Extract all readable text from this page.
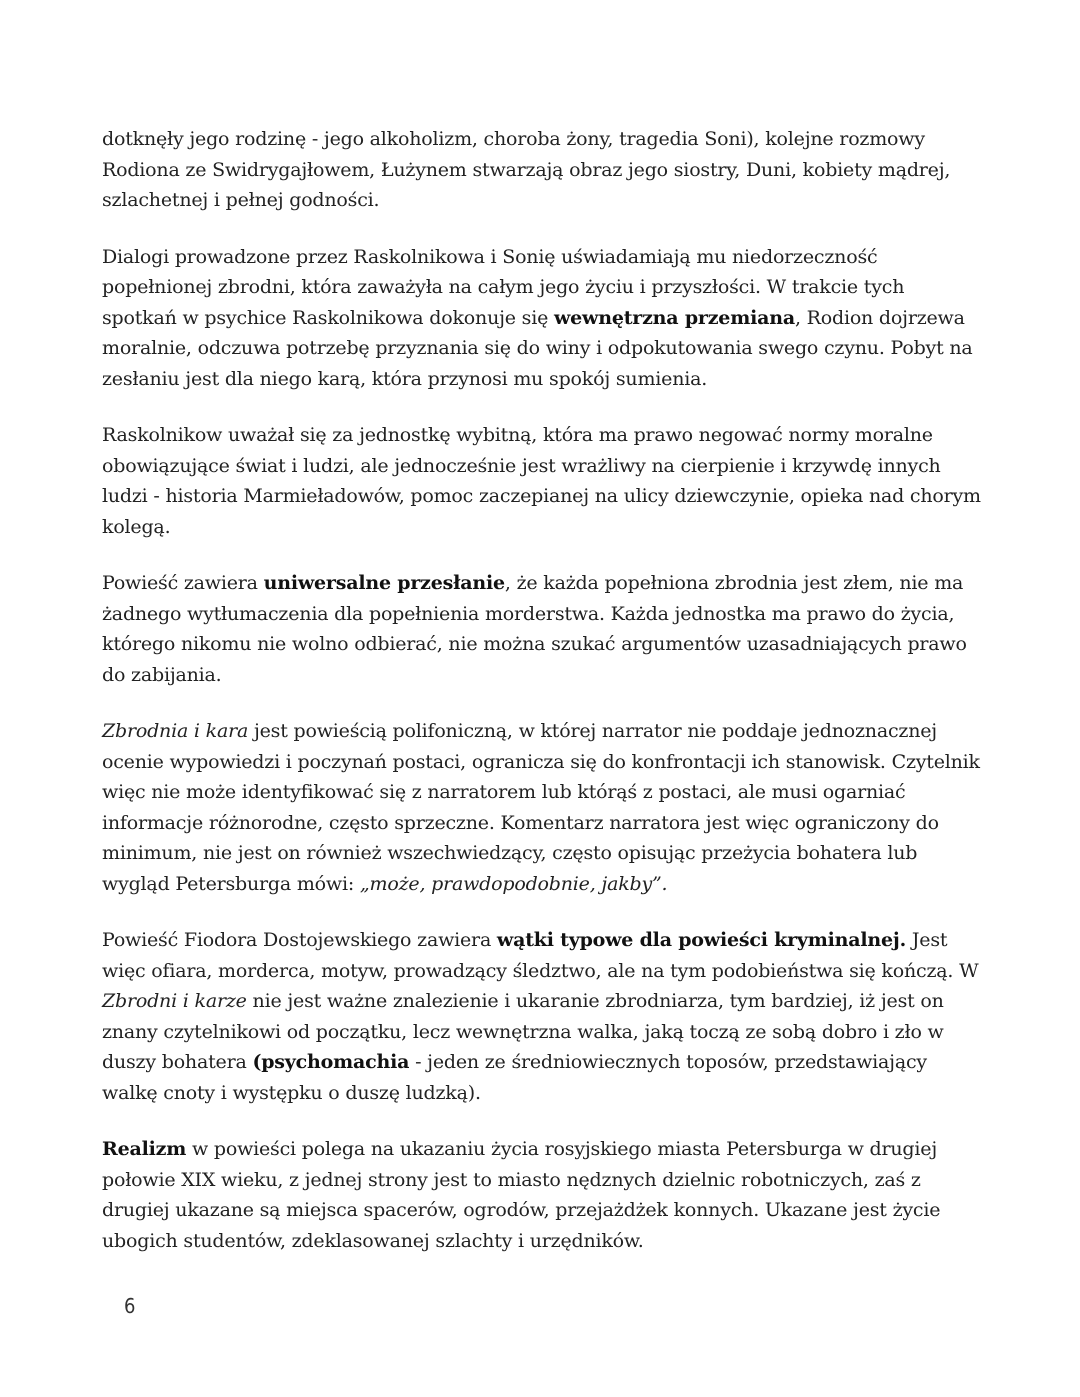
dotknęły jego rodzinę - jego alkoholizm, choroba żony, tragedia Soni), kolejne rozmowy Rodiona ze Swidrygajłowem, Łużynem stwarzają obraz jego siostry, Duni, kobiety mądrej, szlachetnej i pełnej godności.

Dialogi prowadzone przez Raskolnikowa i Sonię uświadamiają mu niedorzeczność popełnionej zbrodni, która zaważyła na całym jego życiu i przyszłości. W trakcie tych spotkań w psychice Raskolnikowa dokonuje się wewnętrzna przemiana, Rodion dojrzewa moralnie, odczuwa potrzebę przyznania się do winy i odpokutowania swego czynu. Pobyt na zesłaniu jest dla niego karą, która przynosi mu spokój sumienia.

Raskolnikow uważał się za jednostkę wybitną, która ma prawo negować normy moralne obowiązujące świat i ludzi, ale jednocześnie jest wrażliwy na cierpienie i krzywdę innych ludzi - historia Marmieładowów, pomoc zaczepianej na ulicy dziewczynie, opieka nad chorym kolegą.

Powieść zawiera uniwersalne przesłanie, że każda popełniona zbrodnia jest złem, nie ma żadnego wytłumaczenia dla popełnienia morderstwa. Każda jednostka ma prawo do życia, którego nikomu nie wolno odbierać, nie można szukać argumentów uzasadniających prawo do zabijania.

Zbrodnia i kara jest powieścią polifoniczną, w której narrator nie poddaje jednoznacznej ocenie wypowiedzi i poczynań postaci, ogranicza się do konfrontacji ich stanowisk. Czytelnik więc nie może identyfikować się z narratorem lub którąś z postaci, ale musi ogarniać informacje różnorodne, często sprzeczne. Komentarz narratora jest więc ograniczony do minimum, nie jest on również wszechwiedzący, często opisując przeżycia bohatera lub wygląd Petersburga mówi: „może, prawdopodobnie, jakby”.

Powieść Fiodora Dostojewskiego zawiera wątki typowe dla powieści kryminalnej. Jest więc ofiara, morderca, motyw, prowadzący śledztwo, ale na tym podobieństwa się kończą. W Zbrodni i karze nie jest ważne znalezienie i ukaranie zbrodniarza, tym bardziej, iż jest on znany czytelnikowi od początku, lecz wewnętrzna walka, jaką toczą ze sobą dobro i zło w duszy bohatera (psychomachia - jeden ze średniowiecznych toposów, przedstawiający walkę cnoty i występku o duszę ludzką).

Realizm w powieści polega na ukazaniu życia rosyjskiego miasta Petersburga w drugiej połowie XIX wieku, z jednej strony jest to miasto nędznych dzielnic robotniczych, zaś z drugiej ukazane są miejsca spacerów, ogrodów, przejażdżek konnych. Ukazane jest życie ubogich studentów, zdeklasowanej szlachty i urzędników.

6
